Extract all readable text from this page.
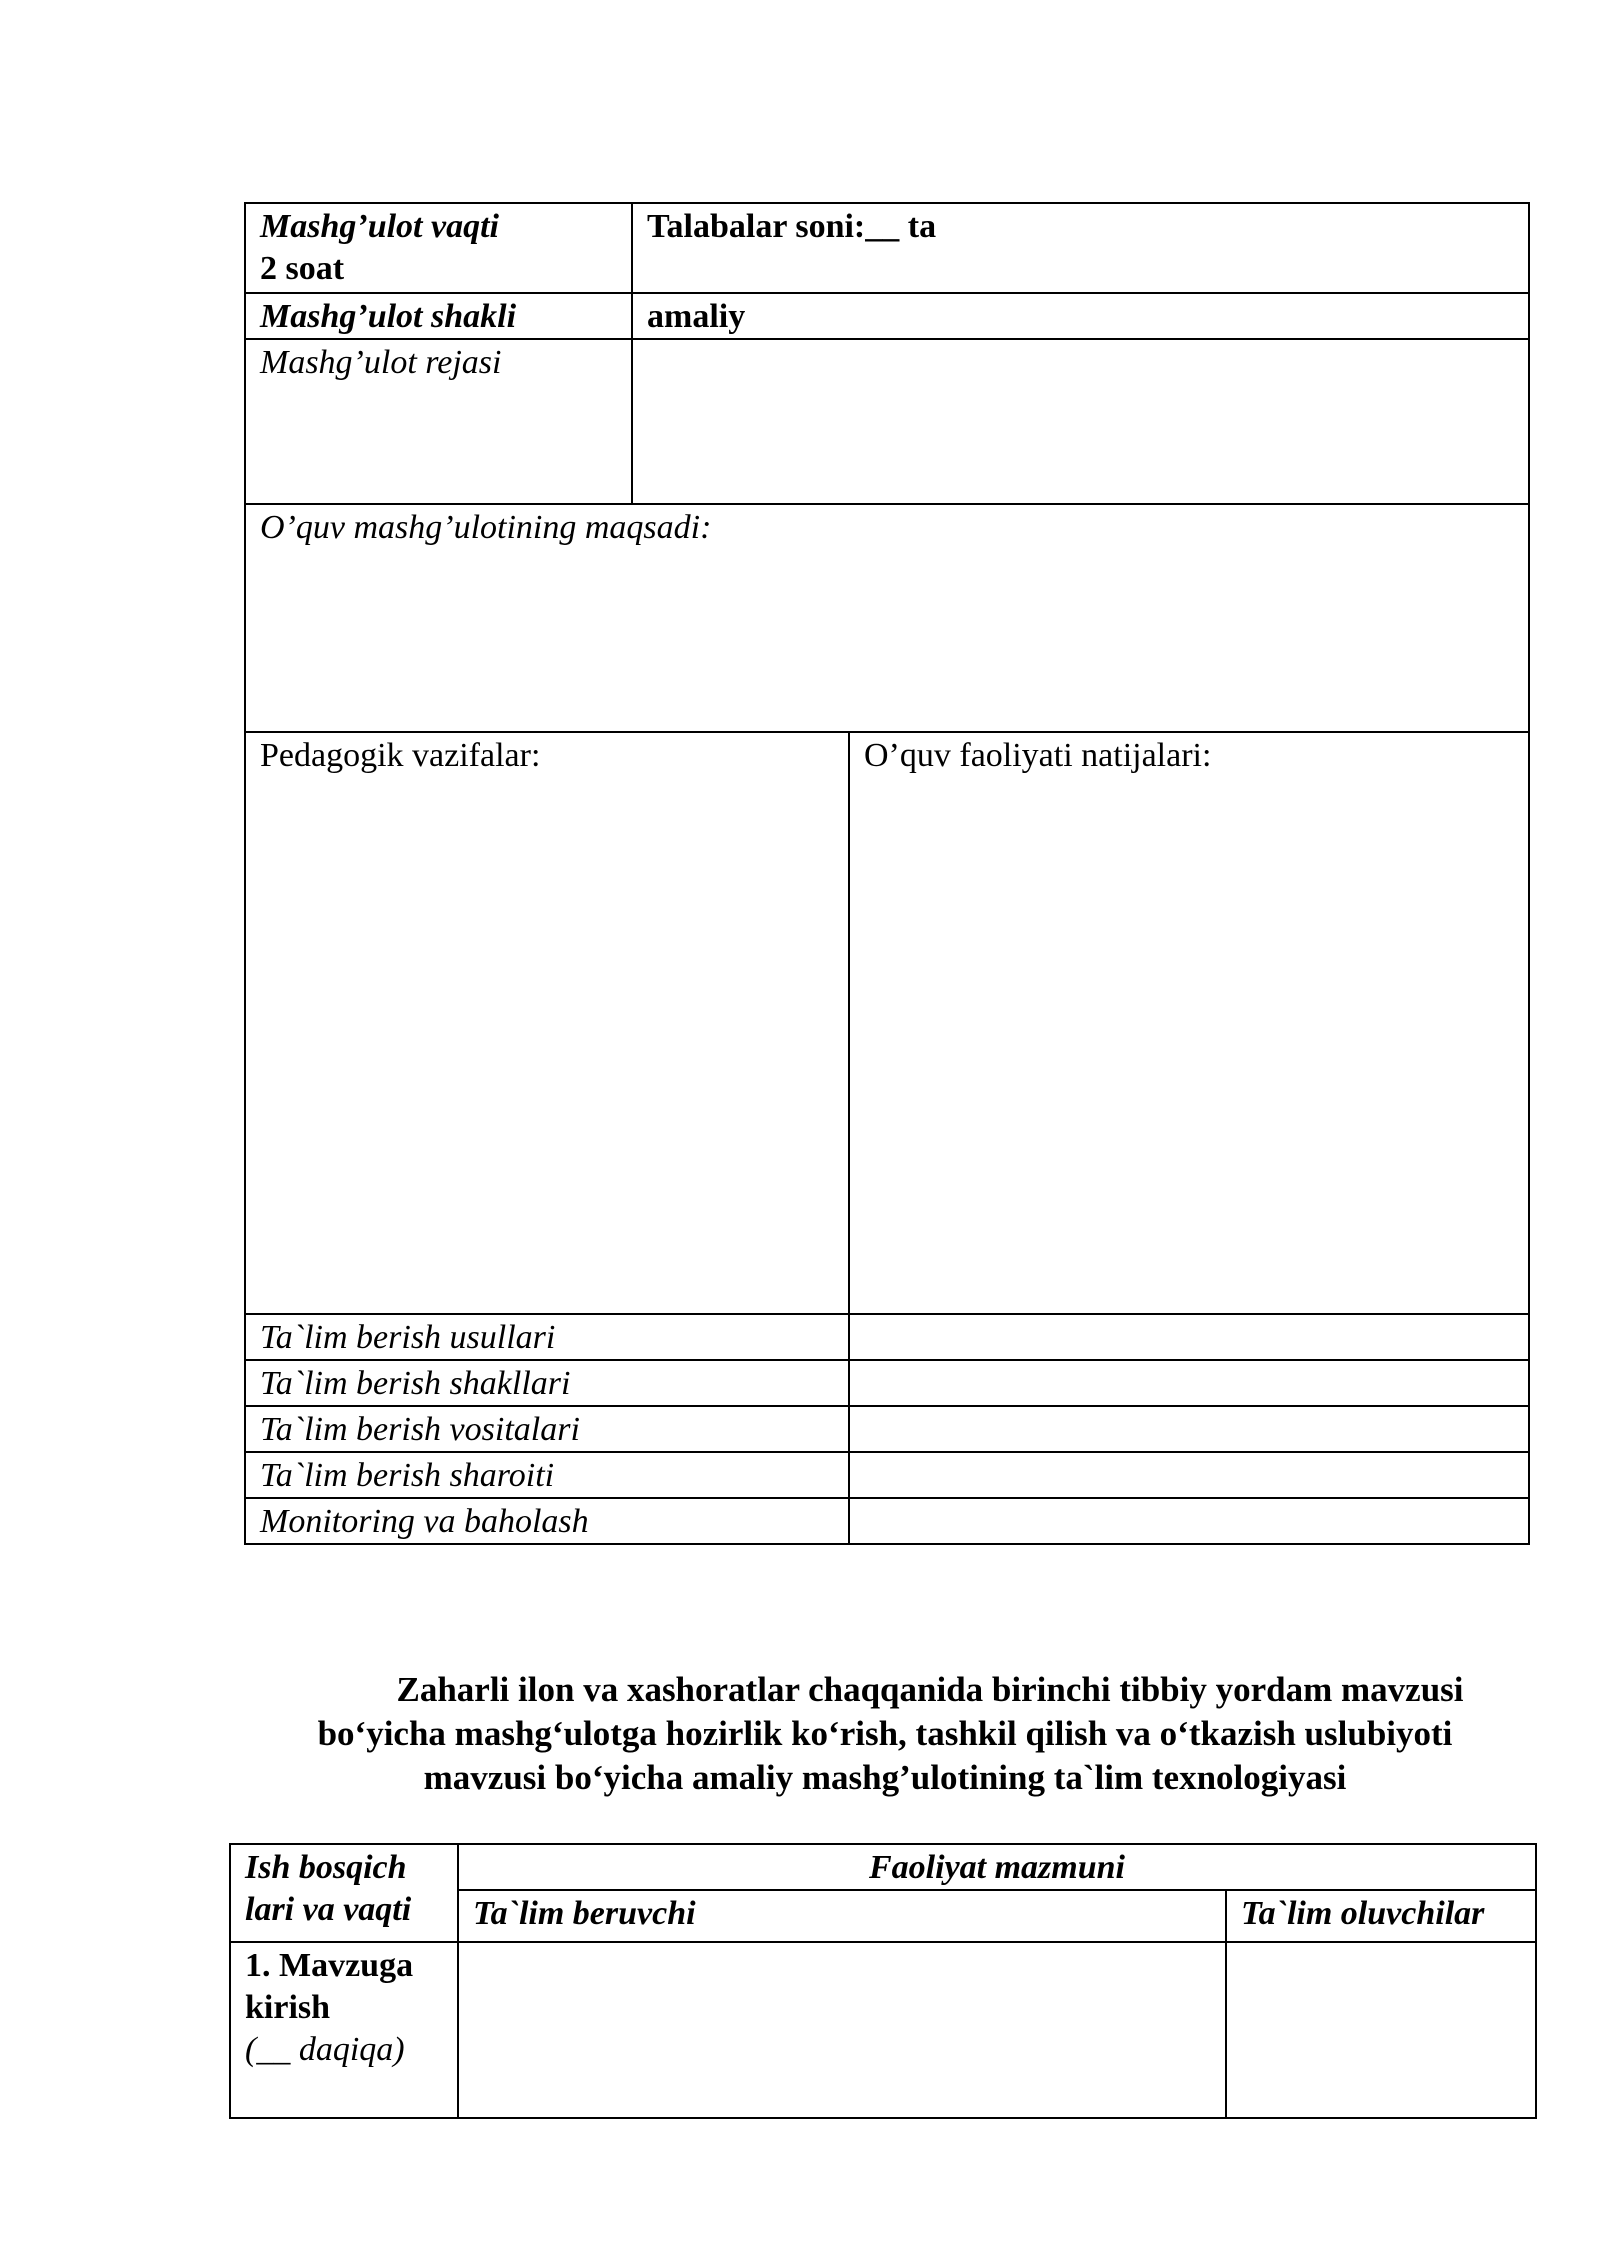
Mashg’ulot vaqti
2 soat	Talabalar soni:__ ta	
Mashg’ulot shakli	amaliy	
Mashg’ulot rejasi		
O’quv mashg’ulotining maqsadi:		
Pedagogik vazifalar:		O’quv faoliyati natijalari:
Ta`lim berish usullari		
Ta`lim berish shakllari		
Ta`lim berish vositalari		
Ta`lim berish sharoiti		
Monitoring va baholash		
Zaharli ilon va xashoratlar chaqqanida birinchi tibbiy yordam mavzusi
bo‘yicha mashg‘ulotga hozirlik ko‘rish, tashkil qilish va o‘tkazish uslubiyoti
mavzusi bo‘yicha amaliy mashg’ulotining ta`lim texnologiyasi
Ish bosqich
lari va vaqti	Faoliyat mazmuni	
	Ta`lim beruvchi	Ta`lim oluvchilar

1. Mavzuga
kirish
(__ daqiqa)		
